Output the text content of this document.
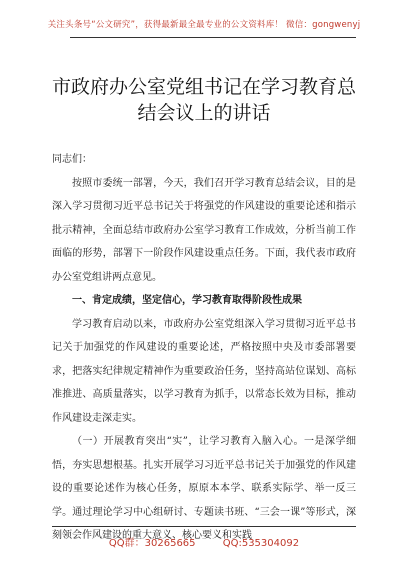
关注头条号“公文研究”，获得最新最全最专业的公文资料库！ 微信：gongwenyj
市政府办公室党组书记在学习教育总
结会议上的讲话

同志们：

按照市委统一部署，今天，我们召开学习教育总结会议，目的是深入学习贯彻习近平总书记关于将强党的作风建设的重要论述和指示批示精神，全面总结市政府办公室学习教育工作成效，分析当前工作面临的形势，部署下一阶段作风建设重点任务。下面，我代表市政府办公室党组讲两点意见。

一、肯定成绩，坚定信心，学习教育取得阶段性成果

学习教育启动以来，市政府办公室党组深入学习贯彻习近平总书记关于加强党的作风建设的重要论述，严格按照中央及市委部署要求，把落实纪律规定精神作为重要政治任务，坚持高站位谋划、高标准推进、高质量落实，以学习教育为抓手，以常态长效为目标，推动作风建设走深走实。

（一）开展教育突出“实”，让学习教育入脑入心。一是深学细悟，夯实思想根基。扎实开展学习习近平总书记关于加强党的作风建设的重要论述作为核心任务，原原本本学、联系实际学、举一反三学。通过理论学习中心组研讨、专题读书班、“三会一课”等形式，深刻领会作风建设的重大意义、核心要义和实践

QQ群：30265665	QQ:535304092
